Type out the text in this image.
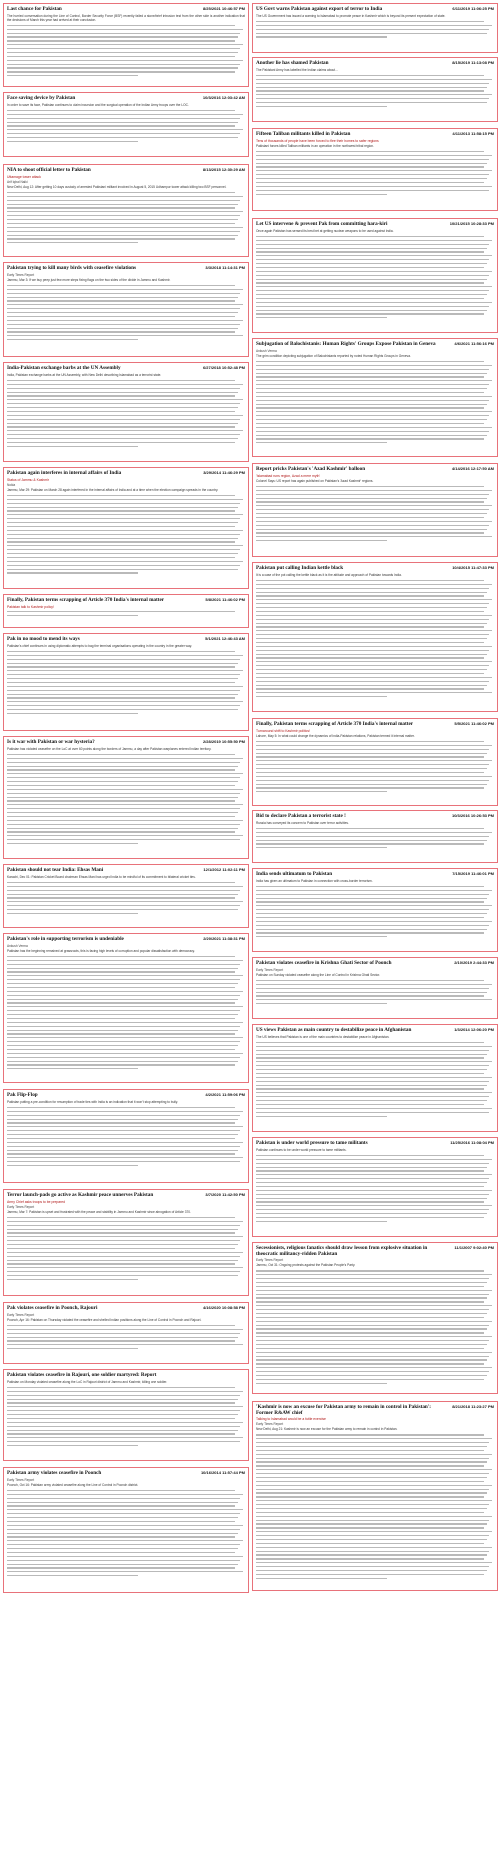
Last chance for Pakistan	8/25/2021 10:46:57 PM
The hurried conversation during the Line of Control, Border Security Force (BSF) recently failed a stone/brief intrusion test from the other side is another indication that the decisions of March this year had arrived at their conclusion.
Face saving device by Pakistan	10/3/2016 12:03:42 AM
In order to save its face, Pakistan continues to claim incursion and the surgical operation of the Indian Army troops over the LOC.
NIA to shoot official letter to Pakistan	8/13/2015 12:30:29 AM
Uttamage tower attack
Arif Iqbal Naiki
New Delhi, Aug 12: After getting 10 days custody of arrested Pakistani militant involved in August 5, 2015 Udhampur tower attack killing two BSF personnel.
Pakistan trying to kill many birds with ceasefire violations	3/3/2018 11:14:31 PM
Early Times Report
Jammu, Mar 3: If we buy peep just few more steps fixing flags on the two sides of the divide in Jammu and Kashmir.
India-Pakistan exchange barbs at the UN Assembly	6/27/2018 10:52:48 PM
India, Pakistan exchange barbs at the UN Assembly, with New Delhi describing Islamabad as a terrorist state.
Pakistan again interferes in internal affairs of India	3/29/2014 11:46:29 PM
Status of Jammu & Kashmir
Nokia
Jammu, Mar 29: Pakistan on March 28 again interfered in the internal affairs of India and at a time when the election campaign spreads in the country.
Finally, Pakistan terms scrapping of Article 370 India's internal matter	5/8/2021 11:46:02 PM
Pakistan talk to Kashmir policy!
Pak in no mood to mend its ways	5/1/2021 12:46:43 AM
Pakistan's chief continues in using diplomatic attempts to bag the terminal organisations operating in the country in the greater way.
Is it war with Pakistan or war hysteria?	2/28/2019 10:55:50 PM
Pakistan has violated ceasefire on the LoC at over 60 points along the borders of Jammu, a day after Pakistan warplanes entered Indian territory.
Pakistan should not tear India: Ehsas Mani	12/1/2012 11:02:11 PM
Karachi, Dec 01: Pakistan Cricket Board chairman Ehsas Mani has urged India to be mindful of its commitment to bilateral cricket ties.
Pakistan's role in supporting terrorism is undeniable	2/20/2021 11:38:31 PM
Ankush Verma
Pakistan has the beginning remained at grassroots, this is facing high levels of corruption and popular dissatisfaction with democracy.
Pak Flip-Flop	4/2/2021 11:59:06 PM
Pakistan putting a pre-condition for resumption of trade ties with India is an indication that it won't stop attempting to bully.
Terror launch-pads go active as Kashmir peace unnerves Pakistan	3/7/2020 11:42:50 PM
Army Chief asks troops to be prepared
Early Times Report
Jammu, Mar 7: Pakistan is upset and frustrated with the peace and stability in Jammu and Kashmir since abrogation of Article 370.
Pak violates ceasefire in Poonch, Rajouri	4/16/2020 10:08:58 PM
Early Times Report
Poonch, Apr 16: Pakistan on Thursday violated the ceasefire and shelled Indian positions along the Line of Control in Poonch and Rajouri.
Pakistan violates ceasefire in Rajouri, one soldier martyred: Report
Pakistan on Monday violated ceasefire along the LoC in Rajouri district of Jammu and Kashmir, killing one soldier.
Pakistan army violates ceasefire in Poonch	10/16/2014 11:57:44 PM
Early Times Report
Poonch, Oct 16: Pakistan army violated ceasefire along the Line of Control in Poonch district.
US Govt warns Pakistan against export of terror to India	6/11/2019 11:06:25 PM
The US Government has issued a warning to Islamabad to promote peace in Kashmir which is beyond its present expectation of state.
Another lie has shamed Pakistan	8/15/2019 11:13:08 PM
The Pakistani Army has labelled the Indian claims about...
Fifteen Taliban militants killed in Pakistan	4/11/2013 11:58:15 PM
Tens of thousands of people have been forced to flee their homes to safer regions
Pakistani forces killed Taliban militants in an operation in the northwest tribal region.
Let US intervene & prevent Pak from committing hara-kiri	10/21/2015 10:28:33 PM
Once again Pakistan has sensed its best bet at getting nuclear weapons to be used against India.
Subjugation of Balochistanis: Human Rights' Groups Expose Pakistan in Geneva	4/6/2021 11:56:16 PM
Ankush Verma
The grim condition depicting subjugation of Balochistanis reported by noted Human Rights Groups in Geneva.
Report pricks Pakistan's 'Azad Kashmir' balloon	4/14/2016 12:17:50 AM
'Islamabad runs region, Azad a mere myth'
Colonel Says: US report has again published on Pakistan's 'Azad Kashmir' regions.
Pakistan put calling Indian kettle black	10/4/2015 11:47:33 PM
It is a case of the pot calling the kettle black as it is the attitude and approach of Pakistan towards India.
Finally, Pakistan terms scrapping of Article 370 India's internal matter	5/5/2021 11:46:02 PM
Turnaround shift to Kashmir politics!
Lahore, May 5: In what could change the dynamics of India-Pakistan relations, Pakistan termed it internal matter.
Bid to declare Pakistan a terrorist state !	10/3/2016 10:26:53 PM
Russia has conveyed its concern to Pakistan over terror activities.
India sends ultimatum to Pakistan	7/15/2019 11:46:01 PM
India has given an ultimatum to Pakistan in connection with cross-border terrorism.
Pakistan violates ceasefire in Krishna Ghati Sector of Poonch	2/10/2019 2:44:33 PM
Early Times Report
Pakistan on Sunday violated ceasefire along the Line of Control in Krishna Ghati Sector.
US views Pakistan as main country to destabilize peace in Afghanistan	1/3/2014 12:06:20 PM
The US believes that Pakistan is one of the main countries to destabilize peace in Afghanistan.
Pakistan is under world pressure to tame militants	11/25/2016 11:08:04 PM
Pakistan continues to be under world pressure to tame militants.
Secessionists, religious fanatics should draw lesson from explosive situation in theocratic militancy-ridden Pakistan
11/1/2007 9:02:40 PM
Early Times Report
Jammu, Oct 31: Ongoing protests against the Pakistan People's Party.
'Kashmir is now an excuse for Pakistan army to remain in control in Pakistan': Former R&AW chief
8/21/2018 11:23:27 PM
Talking to Islamabad would be a futile exercise
Early Times Report
New Delhi, Aug 21: Kashmir is now an excuse for the Pakistan army to remain in control in Pakistan.
